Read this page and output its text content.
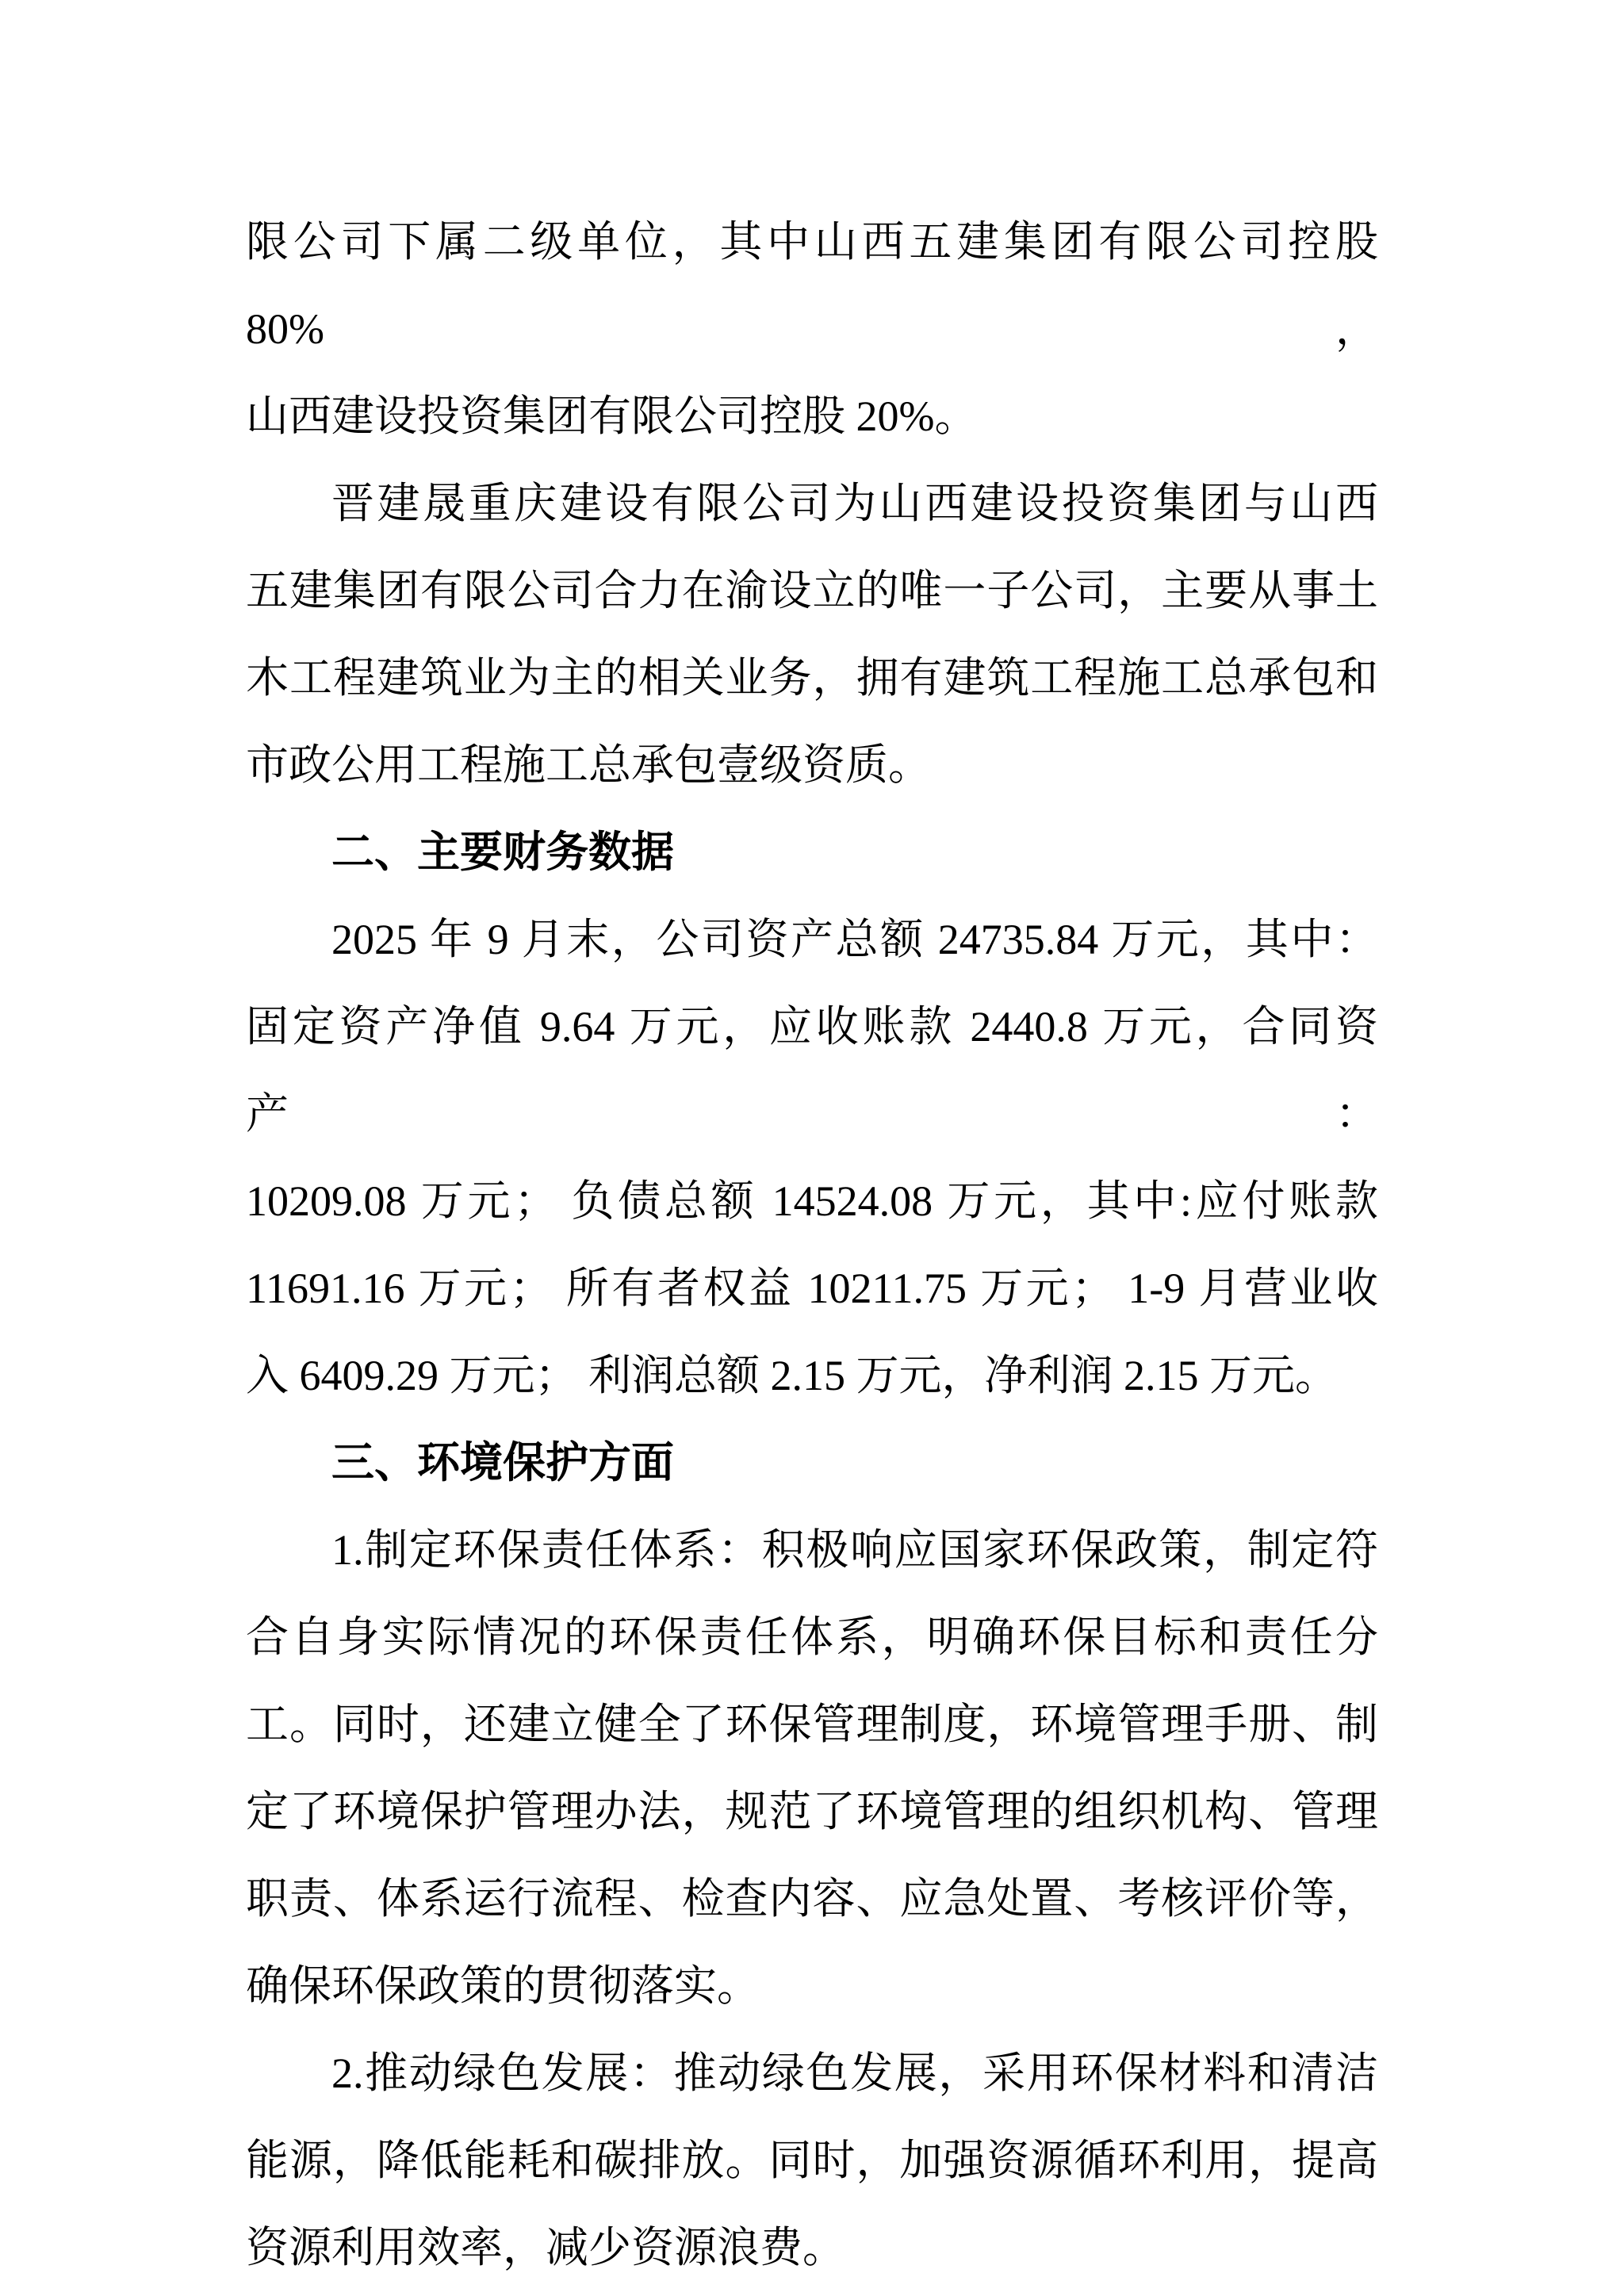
限公司下属二级单位，其中山西五建集团有限公司控股 80%，
山西建设投资集团有限公司控股 20%。
晋建晟重庆建设有限公司为山西建设投资集团与山西
五建集团有限公司合力在渝设立的唯一子公司，主要从事土
木工程建筑业为主的相关业务，拥有建筑工程施工总承包和
市政公用工程施工总承包壹级资质。
二、主要财务数据
2025 年 9 月末，公司资产总额 24735.84 万元，其中：
固定资产净值 9.64 万元，应收账款 2440.8 万元，合同资产：
10209.08 万元； 负债总额 14524.08 万元，其中:应付账款
11691.16 万元； 所有者权益 10211.75 万元； 1-9 月营业收
入 6409.29 万元； 利润总额 2.15 万元，净利润 2.15 万元。
三、环境保护方面
1.制定环保责任体系：积极响应国家环保政策，制定符
合自身实际情况的环保责任体系，明确环保目标和责任分
工。同时，还建立健全了环保管理制度，环境管理手册、制
定了环境保护管理办法，规范了环境管理的组织机构、管理
职责、体系运行流程、检查内容、应急处置、考核评价等，
确保环保政策的贯彻落实。
2.推动绿色发展：推动绿色发展，采用环保材料和清洁
能源，降低能耗和碳排放。同时，加强资源循环利用，提高
资源利用效率，减少资源浪费。
